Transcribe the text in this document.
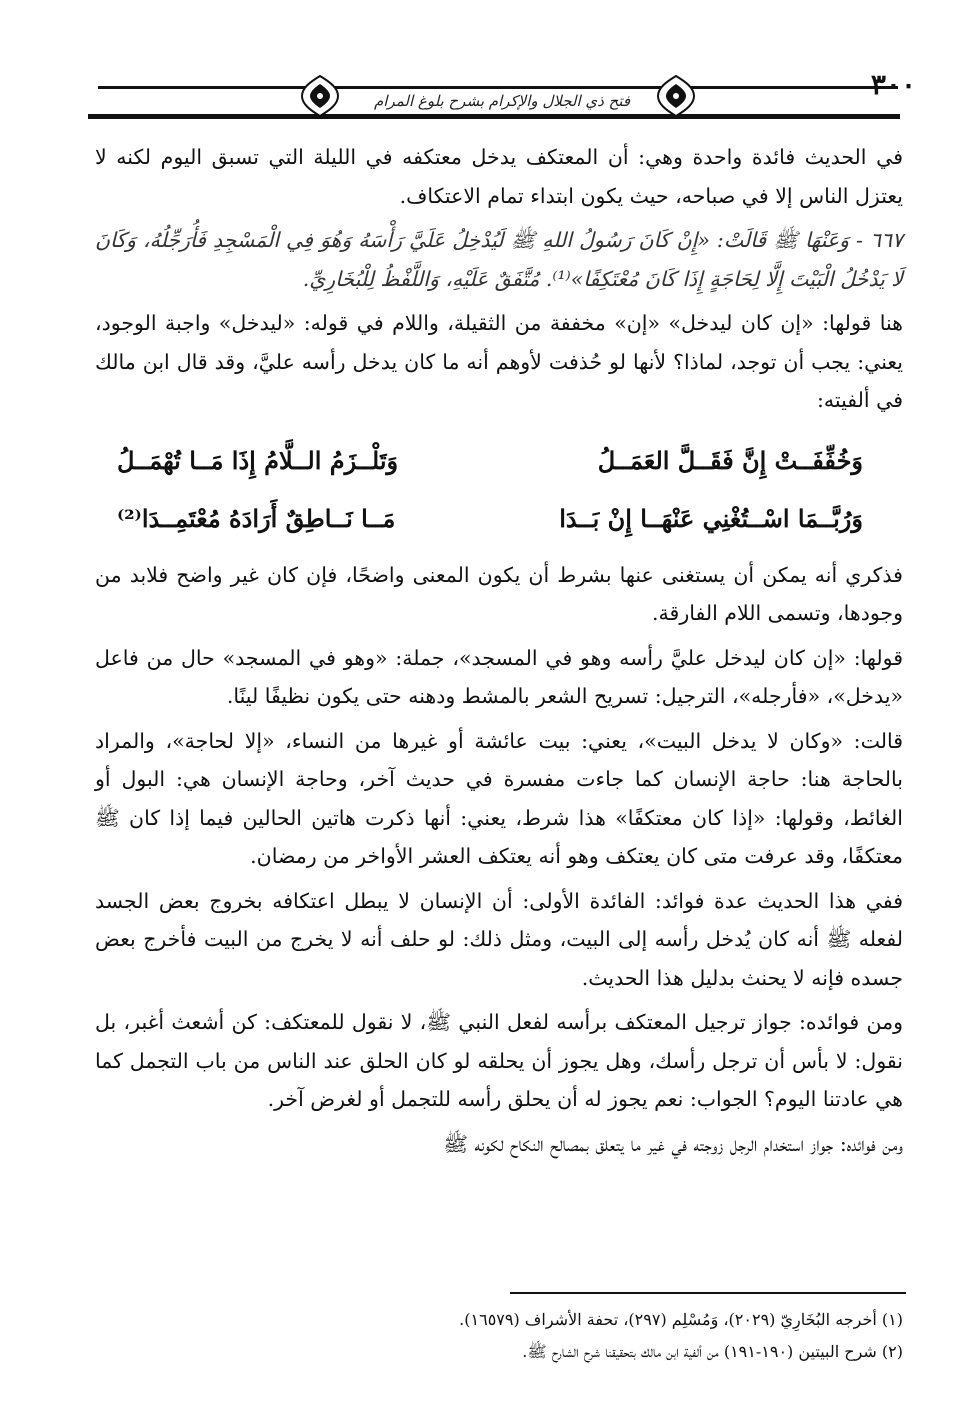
فتح ذي الجلال والإكرام بشرح بلوغ المرام	٣٠٠

في الحديث فائدة واحدة وهي: أن المعتكف يدخل معتكفه في الليلة التي تسبق اليوم لكنه لا يعتزل الناس إلا في صباحه، حيث يكون ابتداء تمام الاعتكاف.

٦٦٧ - وَعَنْهَا ﷺ قَالَتْ: «إِنْ كَانَ رَسُولُ اللهِ ﷺ لَيُدْخِلُ عَلَيَّ رَأْسَهُ وَهُوَ فِي الْمَسْجِدِ فَأُرَجِّلُهُ، وَكَانَ لَا يَدْخُلُ الْبَيْتَ إِلَّا لِحَاجَةٍ إِذَا كَانَ مُعْتَكِفًا»⁽¹⁾. مُتَّفَقٌ عَلَيْهِ، وَاللَّفْظُ لِلْبُخَارِيِّ.

هنا قولها: «إن كان ليدخل» «إن» مخففة من الثقيلة، واللام في قوله: «ليدخل» واجبة الوجود، يعني: يجب أن توجد، لماذا؟ لأنها لو حُذفت لأوهم أنه ما كان يدخل رأسه عليَّ، وقد قال ابن مالك في ألفيته:

وَخُفِّفَــتْ إِنَّ فَقَــلَّ العَمَــلُ
وَتَلْــزَمُ الــلَّامُ إِذَا مَــا تُهْمَــلُ
وَرُبَّــمَا اسْــتُغْنِي عَنْهَــا إِنْ بَــدَا
مَــا نَــاطِقٌ أَرَادَهُ مُعْتَمِــدَا⁽²⁾

فذكري أنه يمكن أن يستغنى عنها بشرط أن يكون المعنى واضحًا، فإن كان غير واضح فلابد من وجودها، وتسمى اللام الفارقة.

قولها: «إن كان ليدخل عليَّ رأسه وهو في المسجد»، جملة: «وهو في المسجد» حال من فاعل «يدخل»، «فأرجله»، الترجيل: تسريح الشعر بالمشط ودهنه حتى يكون نظيفًا لينًا.

قالت: «وكان لا يدخل البيت»، يعني: بيت عائشة أو غيرها من النساء، «إلا لحاجة»، والمراد بالحاجة هنا: حاجة الإنسان كما جاءت مفسرة في حديث آخر، وحاجة الإنسان هي: البول أو الغائط، وقولها: «إذا كان معتكفًا» هذا شرط، يعني: أنها ذكرت هاتين الحالين فيما إذا كان ﷺ معتكفًا، وقد عرفت متى كان يعتكف وهو أنه يعتكف العشر الأواخر من رمضان.

ففي هذا الحديث عدة فوائد: الفائدة الأولى: أن الإنسان لا يبطل اعتكافه بخروج بعض الجسد لفعله ﷺ أنه كان يُدخل رأسه إلى البيت، ومثل ذلك: لو حلف أنه لا يخرج من البيت فأخرج بعض جسده فإنه لا يحنث بدليل هذا الحديث.

ومن فوائده: جواز ترجيل المعتكف برأسه لفعل النبي ﷺ، لا نقول للمعتكف: كن أشعث أغبر، بل نقول: لا بأس أن ترجل رأسك، وهل يجوز أن يحلقه لو كان الحلق عند الناس من باب التجمل كما هي عادتنا اليوم؟ الجواب: نعم يجوز له أن يحلق رأسه للتجمل أو لغرض آخر.

ومن فوائده: جواز استخدام الرجل زوجته في غير ما يتعلق بمصالح النكاح لكونه ﷺ

(١) أخرجه البُخَارِيّ (٢٠٢٩)، وَمُسْلِم (٢٩٧)، تحفة الأشراف (١٦٥٧٩).

(٢) شرح البيتين (١٩٠-١٩١) من ألفية ابن مالك بتحقيقنا شرح الشارح ﷺ.
